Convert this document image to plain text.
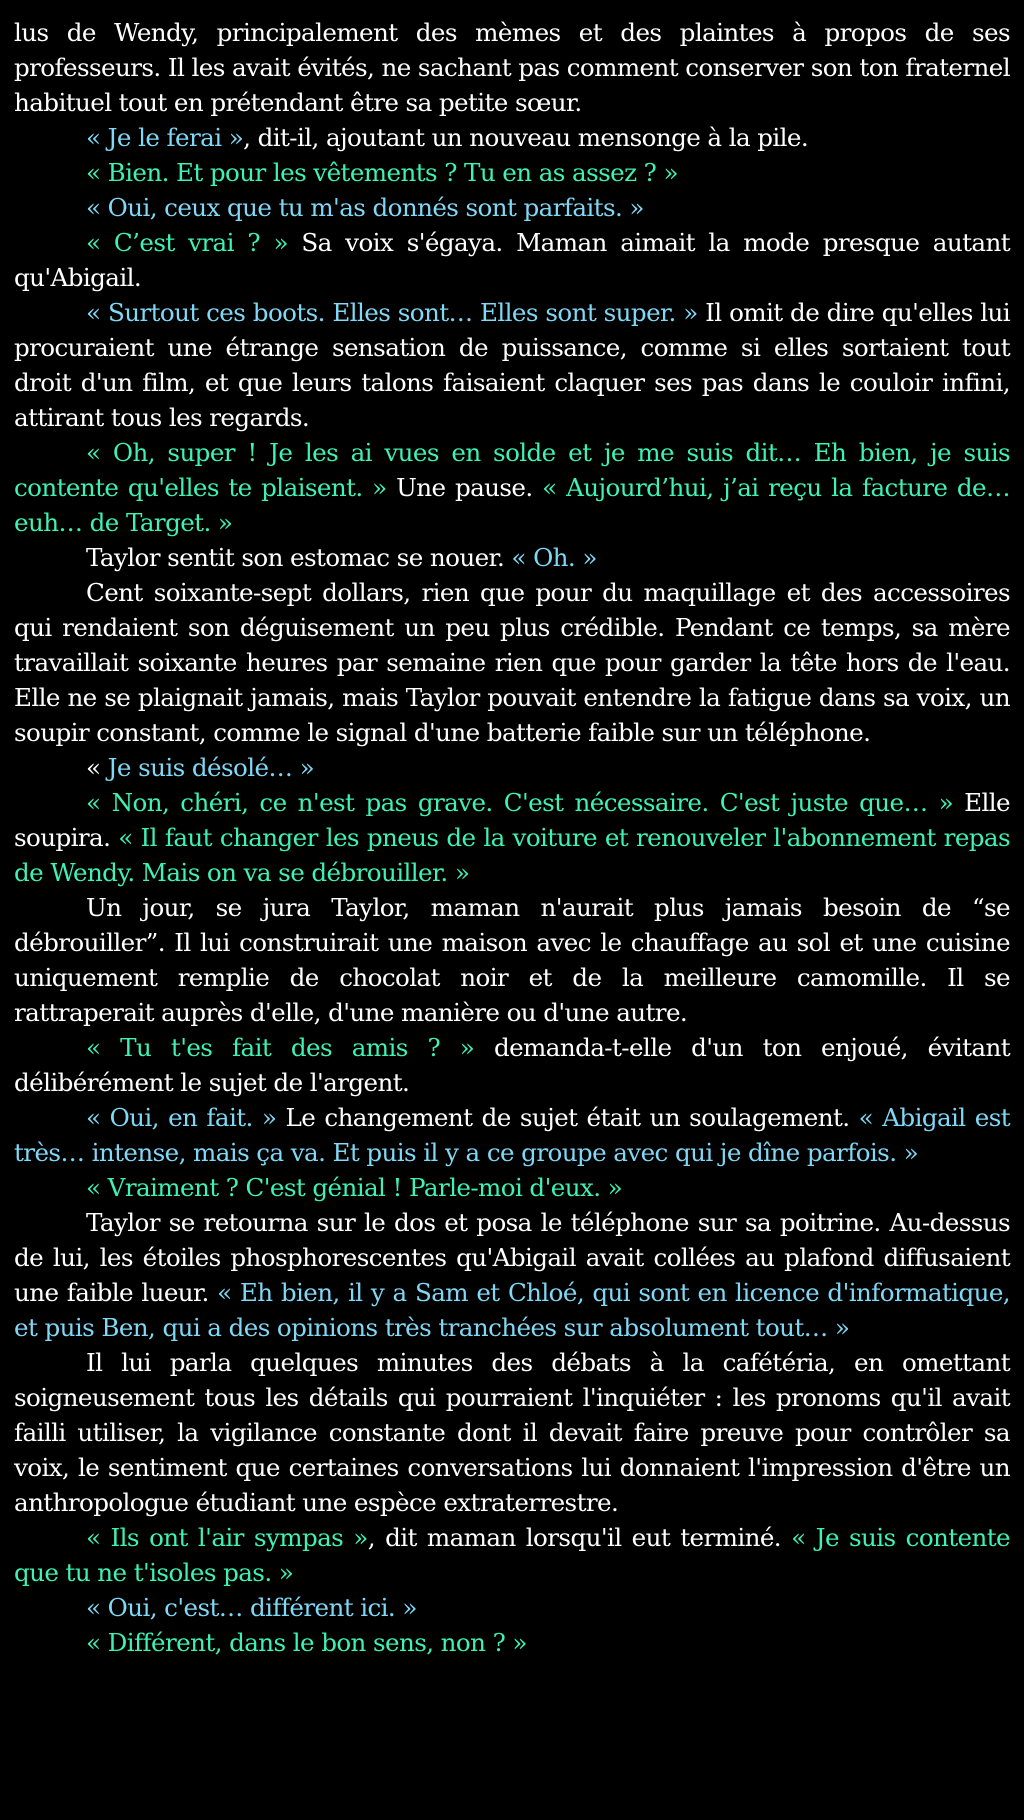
lus de Wendy, principalement des mèmes et des plaintes à propos de ses professeurs. Il les avait évités, ne sachant pas comment conserver son ton fraternel habituel tout en prétendant être sa petite sœur.

« Je le ferai », dit-il, ajoutant un nouveau mensonge à la pile.

« Bien. Et pour les vêtements ? Tu en as assez ? »

« Oui, ceux que tu m'as donnés sont parfaits. »

« C’est vrai ? » Sa voix s'égaya. Maman aimait la mode presque autant qu'Abigail.

« Surtout ces boots. Elles sont… Elles sont super. » Il omit de dire qu'elles lui procuraient une étrange sensation de puissance, comme si elles sortaient tout droit d'un film, et que leurs talons faisaient claquer ses pas dans le couloir infini, attirant tous les regards.

« Oh, super ! Je les ai vues en solde et je me suis dit… Eh bien, je suis contente qu'elles te plaisent. » Une pause. « Aujourd’hui, j’ai reçu la facture de… euh… de Target. »

Taylor sentit son estomac se nouer. « Oh. »

Cent soixante-sept dollars, rien que pour du maquillage et des accessoires qui rendaient son déguisement un peu plus crédible. Pendant ce temps, sa mère travaillait soixante heures par semaine rien que pour garder la tête hors de l'eau. Elle ne se plaignait jamais, mais Taylor pouvait entendre la fatigue dans sa voix, un soupir constant, comme le signal d'une batterie faible sur un téléphone.

« Je suis désolé… »

« Non, chéri, ce n'est pas grave. C'est nécessaire. C'est juste que… » Elle soupira. « Il faut changer les pneus de la voiture et renouveler l'abonnement repas de Wendy. Mais on va se débrouiller. »

Un jour, se jura Taylor, maman n'aurait plus jamais besoin de “se débrouiller”. Il lui construirait une maison avec le chauffage au sol et une cuisine uniquement remplie de chocolat noir et de la meilleure camomille. Il se rattraperait auprès d'elle, d'une manière ou d'une autre.

« Tu t'es fait des amis ? » demanda-t-elle d'un ton enjoué, évitant délibérément le sujet de l'argent.

« Oui, en fait. » Le changement de sujet était un soulagement. « Abigail est très… intense, mais ça va. Et puis il y a ce groupe avec qui je dîne parfois. »

« Vraiment ? C'est génial ! Parle-moi d'eux. »

Taylor se retourna sur le dos et posa le téléphone sur sa poitrine. Au-dessus de lui, les étoiles phosphorescentes qu'Abigail avait collées au plafond diffusaient une faible lueur. « Eh bien, il y a Sam et Chloé, qui sont en licence d'informatique, et puis Ben, qui a des opinions très tranchées sur absolument tout… »

Il lui parla quelques minutes des débats à la cafétéria, en omettant soigneusement tous les détails qui pourraient l'inquiéter : les pronoms qu'il avait failli utiliser, la vigilance constante dont il devait faire preuve pour contrôler sa voix, le sentiment que certaines conversations lui donnaient l'impression d'être un anthropologue étudiant une espèce extraterrestre.

« Ils ont l'air sympas », dit maman lorsqu'il eut terminé. « Je suis contente que tu ne t'isoles pas. »

« Oui, c'est… différent ici. »

« Différent, dans le bon sens, non ? »
